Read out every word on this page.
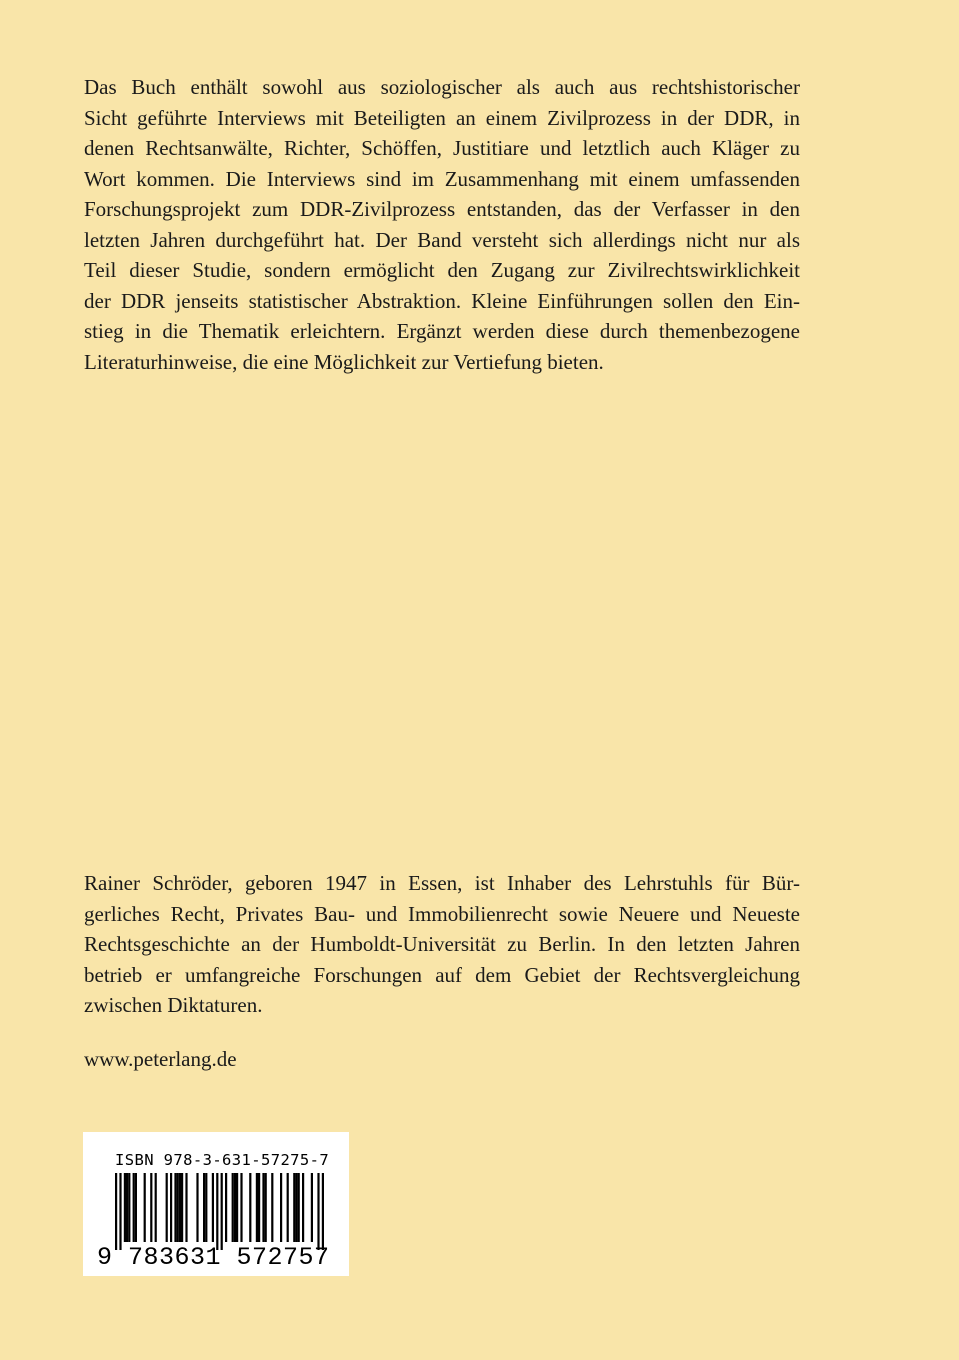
Das Buch enthält sowohl aus soziologischer als auch aus rechtshistorischer
Sicht geführte Interviews mit Beteiligten an einem Zivilprozess in der DDR, in
denen Rechtsanwälte, Richter, Schöffen, Justitiare und letztlich auch Kläger zu
Wort kommen. Die Interviews sind im Zusammenhang mit einem umfassenden
Forschungsprojekt zum DDR-Zivilprozess entstanden, das der Verfasser in den
letzten Jahren durchgeführt hat. Der Band versteht sich allerdings nicht nur als
Teil dieser Studie, sondern ermöglicht den Zugang zur Zivilrechtswirklichkeit
der DDR jenseits statistischer Abstraktion. Kleine Einführungen sollen den Ein-
stieg in die Thematik erleichtern. Ergänzt werden diese durch themenbezogene
Literaturhinweise, die eine Möglichkeit zur Vertiefung bieten.
Rainer Schröder, geboren 1947 in Essen, ist Inhaber des Lehrstuhls für Bür-
gerliches Recht, Privates Bau- und Immobilienrecht sowie Neuere und Neueste
Rechtsgeschichte an der Humboldt-Universität zu Berlin. In den letzten Jahren
betrieb er umfangreiche Forschungen auf dem Gebiet der Rechtsvergleichung
zwischen Diktaturen.
www.peterlang.de
ISBN 978-3-631-57275-7
9 783631 572757
